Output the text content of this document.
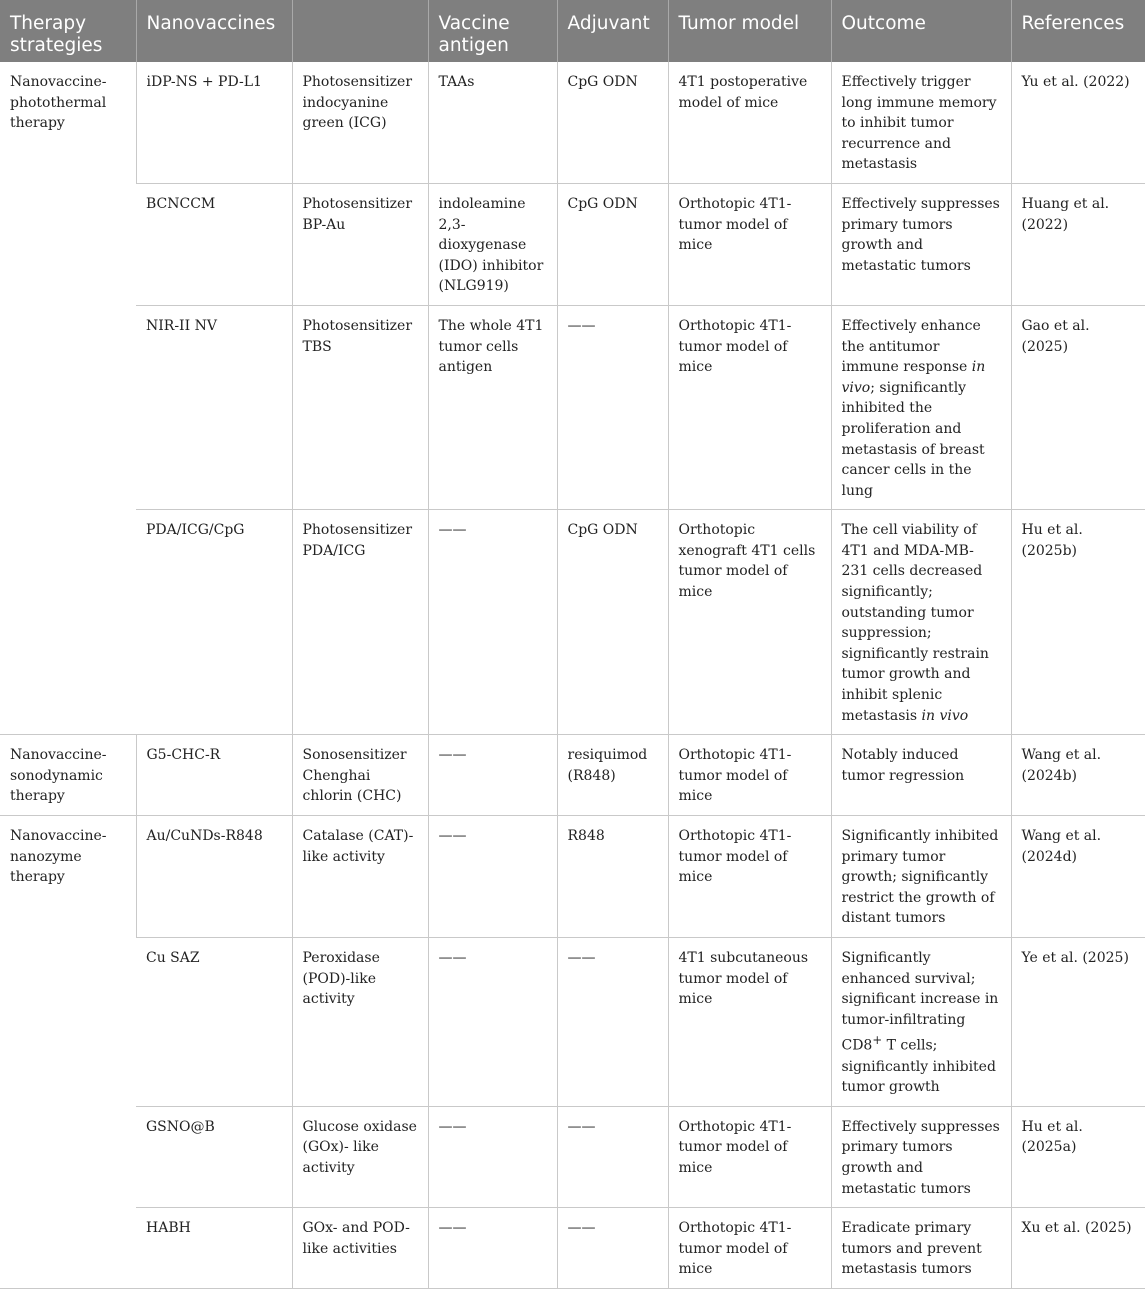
Therapy strategies	Nanovaccines		Vaccine antigen	Adjuvant	Tumor model	Outcome	References
Nanovaccine-photothermal therapy	iDP-NS + PD-L1	Photosensitizer indocyanine green (ICG)	TAAs	CpG ODN	4T1 postoperative model of mice	Effectively trigger long immune memory to inhibit tumor recurrence and metastasis	Yu et al. (2022)
	BCNCCM	Photosensitizer BP-Au	indoleamine 2,3-dioxygenase (IDO) inhibitor (NLG919)	CpG ODN	Orthotopic 4T1-tumor model of mice	Effectively suppresses primary tumors growth and metastatic tumors	Huang et al. (2022)
	NIR-II NV	Photosensitizer TBS	The whole 4T1 tumor cells antigen	——	Orthotopic 4T1-tumor model of mice	Effectively enhance the antitumor immune response in vivo; significantly inhibited the proliferation and metastasis of breast cancer cells in the lung	Gao et al. (2025)
	PDA/ICG/CpG	Photosensitizer PDA/ICG	——	CpG ODN	Orthotopic xenograft 4T1 cells tumor model of mice	The cell viability of 4T1 and MDA-MB-231 cells decreased significantly; outstanding tumor suppression; significantly restrain tumor growth and inhibit splenic metastasis in vivo	Hu et al. (2025b)
Nanovaccine-sonodynamic therapy	G5-CHC-R	Sonosensitizer Chenghai chlorin (CHC)	——	resiquimod (R848)	Orthotopic 4T1-tumor model of mice	Notably induced tumor regression	Wang et al. (2024b)
Nanovaccine-nanozyme therapy	Au/CuNDs-R848	Catalase (CAT)-like activity	——	R848	Orthotopic 4T1-tumor model of mice	Significantly inhibited primary tumor growth; significantly restrict the growth of distant tumors	Wang et al. (2024d)
	Cu SAZ	Peroxidase (POD)-like activity	——	——	4T1 subcutaneous tumor model of mice	Significantly enhanced survival; significant increase in tumor-infiltrating CD8+ T cells; significantly inhibited tumor growth	Ye et al. (2025)
	GSNO@B	Glucose oxidase (GOx)- like activity	——	——	Orthotopic 4T1-tumor model of mice	Effectively suppresses primary tumors growth and metastatic tumors	Hu et al. (2025a)
	HABH	GOx- and POD-like activities	——	——	Orthotopic 4T1-tumor model of mice	Eradicate primary tumors and prevent metastasis tumors	Xu et al. (2025)
